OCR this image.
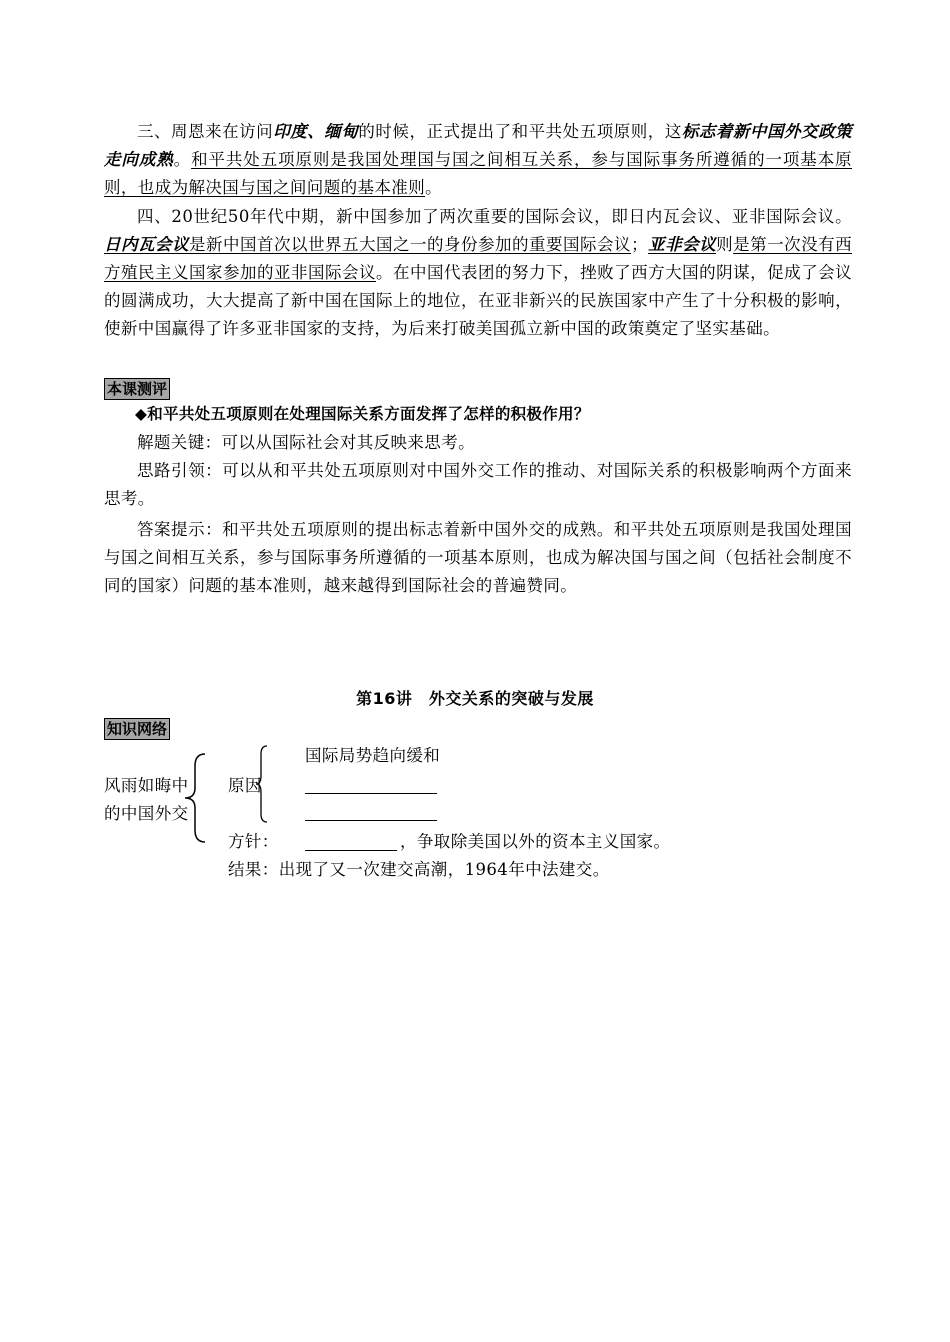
三、周恩来在访问印度、缅甸的时候，正式提出了和平共处五项原则，这标志着新中国外交政策走向成熟。和平共处五项原则是我国处理国与国之间相互关系，参与国际事务所遵循的一项基本原则，也成为解决国与国之间问题的基本准则。

四、20世纪50年代中期，新中国参加了两次重要的国际会议，即日内瓦会议、亚非国际会议。日内瓦会议是新中国首次以世界五大国之一的身份参加的重要国际会议；亚非会议则是第一次没有西方殖民主义国家参加的亚非国际会议。在中国代表团的努力下，挫败了西方大国的阴谋，促成了会议的圆满成功，大大提高了新中国在国际上的地位，在亚非新兴的民族国家中产生了十分积极的影响，使新中国赢得了许多亚非国家的支持，为后来打破美国孤立新中国的政策奠定了坚实基础。

本课测评

◆和平共处五项原则在处理国际关系方面发挥了怎样的积极作用？

解题关键：可以从国际社会对其反映来思考。

思路引领：可以从和平共处五项原则对中国外交工作的推动、对国际关系的积极影响两个方面来思考。

答案提示：和平共处五项原则的提出标志着新中国外交的成熟。和平共处五项原则是我国处理国与国之间相互关系，参与国际事务所遵循的一项基本原则，也成为解决国与国之间（包括社会制度不同的国家）问题的基本准则，越来越得到国际社会的普遍赞同。

第16讲　外交关系的突破与发展
知识网络
风雨如晦中
的中国外交
原因
国际局势趋向缓和
方针：	，争取除美国以外的资本主义国家。
结果：出现了又一次建交高潮，1964年中法建交。
